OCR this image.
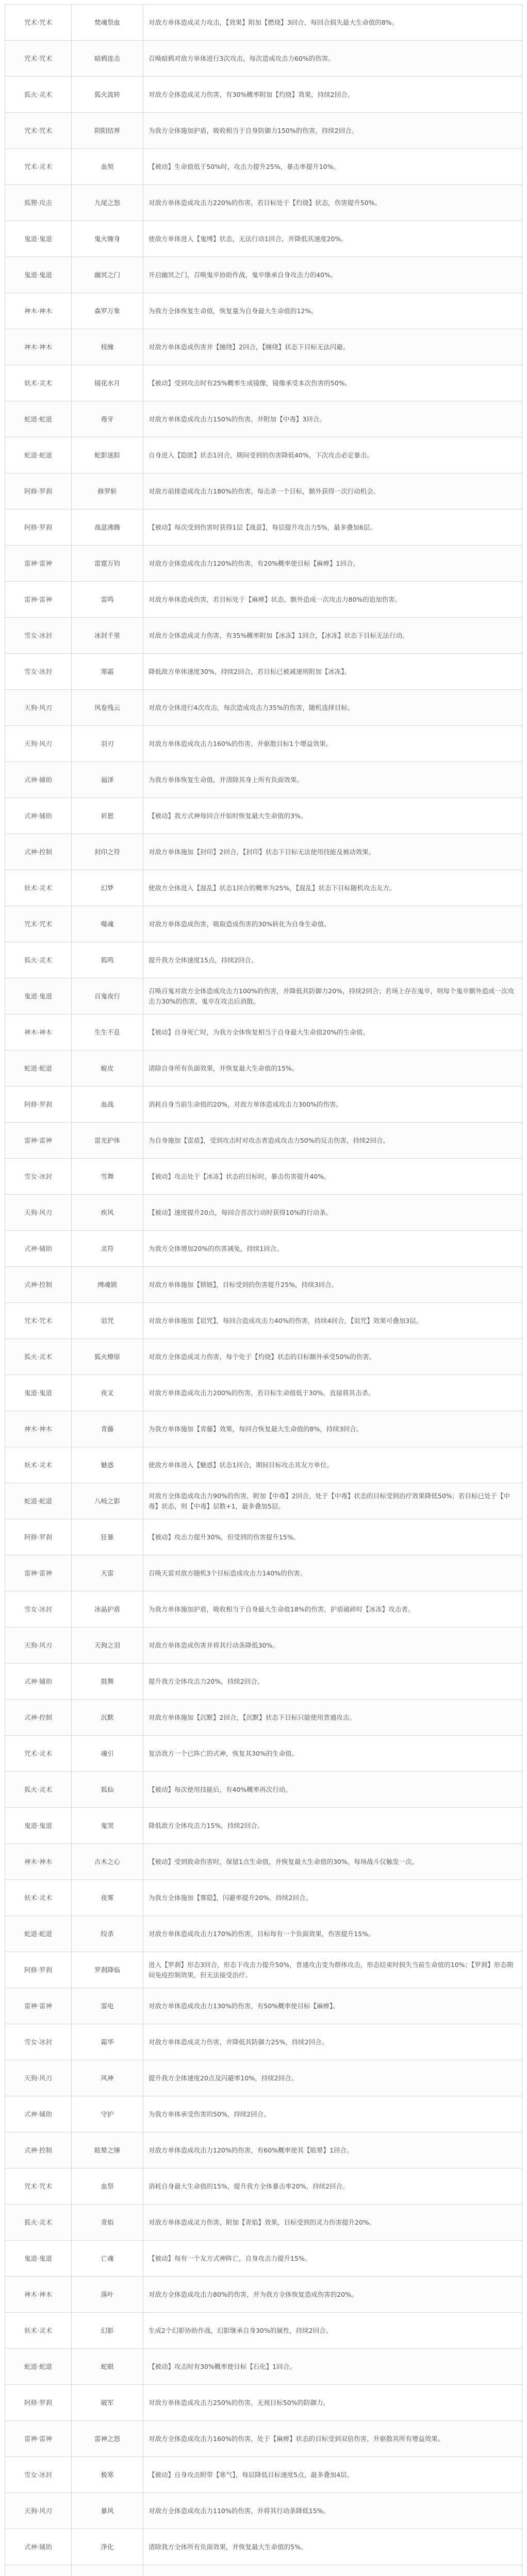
咒术·咒术	焚魂祭血	对敌方单体造成灵力攻击，【效果】附加【燃烧】3回合，每回合损失最大生命值的8%。
咒术·咒术	暗鸦连击	召唤暗鸦对敌方单体进行3次攻击，每次造成攻击力60%的伤害。
狐火·灵术	狐火流转	对敌方全体造成灵力伤害，有30%概率附加【灼烧】效果，持续2回合。
咒术·咒术	阴阳结界	为我方全体施加护盾，吸收相当于自身防御力150%的伤害，持续2回合。
咒术·灵术	血契	【被动】生命值低于50%时，攻击力提升25%，暴击率提升10%。
狐狸·攻击	九尾之怒	对敌方单体造成攻击力220%的伤害，若目标处于【灼烧】状态，伤害提升50%。
鬼道·鬼道	鬼火缠身	使敌方单体进入【鬼缚】状态，无法行动1回合，并降低其速度20%。
鬼道·鬼道	幽冥之门	开启幽冥之门，召唤鬼卒协助作战，鬼卒继承自身攻击力的40%。
神木·神木	森罗万象	为我方全体恢复生命值，恢复量为自身最大生命值的12%。
神木·神木	枝缠	对敌方单体造成伤害并【缠绕】2回合，【缠绕】状态下目标无法闪避。
妖术·灵术	镜花水月	【被动】受到攻击时有25%概率生成镜像，镜像承受本次伤害的50%。
蛇道·蛇道	毒牙	对敌方单体造成攻击力150%的伤害，并附加【中毒】3回合。
蛇道·蛇道	蛇影迷踪	自身进入【隐匿】状态1回合，期间受到的伤害降低40%，下次攻击必定暴击。
阿修·罗刹	修罗斩	对敌方前排造成攻击力180%的伤害，每击杀一个目标，额外获得一次行动机会。
阿修·罗刹	战意沸腾	【被动】每次受到伤害时获得1层【战意】，每层提升攻击力5%，最多叠加6层。
雷神·雷神	雷霆万钧	对敌方全体造成攻击力120%的伤害，有20%概率使目标【麻痹】1回合。
雷神·雷神	雷鸣	对敌方单体造成伤害，若目标处于【麻痹】状态，额外造成一次攻击力80%的追加伤害。
雪女·冰封	冰封千里	对敌方全体造成灵力伤害，有35%概率附加【冰冻】1回合，【冰冻】状态下目标无法行动。
雪女·冰封	寒霜	降低敌方单体速度30%，持续2回合，若目标已被减速则附加【冰冻】。
天狗·风刃	风卷残云	对敌方全体进行4次攻击，每次造成攻击力35%的伤害，随机选择目标。
天狗·风刃	羽刃	对敌方单体造成攻击力160%的伤害，并驱散目标1个增益效果。
式神·辅助	福泽	为我方单体恢复生命值，并清除其身上所有负面效果。
式神·辅助	祈愿	【被动】我方式神每回合开始时恢复最大生命值的3%。
式神·控制	封印之符	对敌方单体施加【封印】2回合，【封印】状态下目标无法使用技能及被动效果。
妖术·灵术	幻梦	使敌方全体进入【混乱】状态1回合的概率为25%，【混乱】状态下目标随机攻击友方。
咒术·咒术	噬魂	对敌方单体造成伤害，吸取造成伤害的30%转化为自身生命值。
狐火·灵术	狐鸣	提升我方全体速度15点，持续2回合。
鬼道·鬼道	百鬼夜行	召唤百鬼对敌方全体造成攻击力100%的伤害，并降低其防御力20%，持续2回合；若场上存在鬼卒，则每个鬼卒额外造成一次攻击力30%的伤害，鬼卒在攻击后消散。
神木·神木	生生不息	【被动】自身死亡时，为我方全体恢复相当于自身最大生命值20%的生命值。
蛇道·蛇道	蜕皮	清除自身所有负面效果，并恢复最大生命值的15%。
阿修·罗刹	血战	消耗自身当前生命值的20%，对敌方单体造成攻击力300%的伤害。
雷神·雷神	雷光护体	为自身施加【雷盾】，受到攻击时对攻击者造成攻击力50%的反击伤害，持续2回合。
雪女·冰封	雪舞	【被动】攻击处于【冰冻】状态的目标时，暴击伤害提升40%。
天狗·风刃	疾风	【被动】速度提升20点，每回合首次行动时获得10%的行动条。
式神·辅助	灵符	为我方全体增加20%的伤害减免，持续1回合。
式神·控制	缚魂锁	对敌方单体施加【锁链】，目标受到的伤害提升25%，持续3回合。
咒术·咒术	诅咒	对敌方单体施加【诅咒】，每回合造成攻击力40%的伤害，持续4回合，【诅咒】效果可叠加3层。
狐火·灵术	狐火燎原	对敌方全体造成灵力伤害，每个处于【灼烧】状态的目标额外承受50%的伤害。
鬼道·鬼道	夜叉	对敌方单体造成攻击力200%的伤害，若目标生命值低于30%，直接将其击杀。
神木·神木	青藤	为我方单体施加【青藤】效果，每回合恢复最大生命值的8%，持续3回合。
妖术·灵术	魅惑	使敌方单体进入【魅惑】状态1回合，期间目标攻击其友方单位。
蛇道·蛇道	八岐之影	对敌方全体造成攻击力90%的伤害，附加【中毒】2回合，处于【中毒】状态的目标受到治疗效果降低50%；若目标已处于【中毒】状态，则【中毒】层数+1，最多叠加5层。
阿修·罗刹	狂暴	【被动】攻击力提升30%，但受到的伤害提升15%。
雷神·雷神	天雷	召唤天雷对敌方随机3个目标造成攻击力140%的伤害。
雪女·冰封	冰晶护盾	为我方单体施加护盾，吸收相当于自身最大生命值18%的伤害，护盾破碎时【冰冻】攻击者。
天狗·风刃	天狗之羽	对敌方单体造成伤害并将其行动条降低30%。
式神·辅助	鼓舞	提升我方全体攻击力20%，持续2回合。
式神·控制	沉默	对敌方单体施加【沉默】2回合，【沉默】状态下目标只能使用普通攻击。
咒术·灵术	魂引	复活我方一个已阵亡的式神，恢复其30%的生命值。
狐火·灵术	狐仙	【被动】每次使用技能后，有40%概率再次行动。
鬼道·鬼道	鬼哭	降低敌方全体攻击力15%，持续2回合。
神木·神木	古木之心	【被动】受到致命伤害时，保留1点生命值，并恢复最大生命值的30%，每场战斗仅触发一次。
妖术·灵术	夜雾	为我方全体施加【雾隐】，闪避率提升20%，持续2回合。
蛇道·蛇道	绞杀	对敌方单体造成攻击力170%的伤害，目标每有一个负面效果，伤害提升15%。
阿修·罗刹	罗刹降临	进入【罗刹】形态3回合，形态下攻击力提升50%，普通攻击变为群体攻击，形态结束时损失当前生命值的10%；【罗刹】形态期间免疫控制效果，但无法接受治疗。
雷神·雷神	雷电	对敌方单体造成攻击力130%的伤害，有50%概率使目标【麻痹】。
雪女·冰封	霜华	对敌方单体造成灵力伤害，并降低其防御力25%，持续2回合。
天狗·风刃	风神	提升我方全体速度20点及闪避率10%，持续2回合。
式神·辅助	守护	为我方单体承受伤害的50%，持续2回合。
式神·控制	眩晕之锤	对敌方单体造成攻击力120%的伤害，有60%概率使其【眩晕】1回合。
咒术·咒术	血祭	消耗自身最大生命值的15%，提升我方全体暴击率20%，持续2回合。
狐火·灵术	青焰	对敌方单体造成灵力伤害，附加【青焰】效果，目标受到的灵力伤害提升20%。
鬼道·鬼道	亡魂	【被动】每有一个友方式神阵亡，自身攻击力提升15%。
神木·神木	落叶	对敌方全体造成攻击力80%的伤害，并为我方全体恢复造成伤害的20%。
妖术·灵术	幻影	生成2个幻影协助作战，幻影继承自身30%的属性，持续2回合。
蛇道·蛇道	蛇眼	【被动】攻击时有30%概率使目标【石化】1回合。
阿修·罗刹	破军	对敌方单体造成攻击力250%的伤害，无视目标50%的防御力。
雷神·雷神	雷神之怒	对敌方全体造成攻击力160%的伤害，处于【麻痹】状态的目标受到双倍伤害，并驱散其所有增益效果。
雪女·冰封	极寒	【被动】自身攻击附带【寒气】，每层降低目标速度5点，最多叠加4层。
天狗·风刃	暴风	对敌方全体造成攻击力110%的伤害，并将其行动条降低15%。
式神·辅助	净化	清除我方全体所有负面效果，并恢复最大生命值的5%。
